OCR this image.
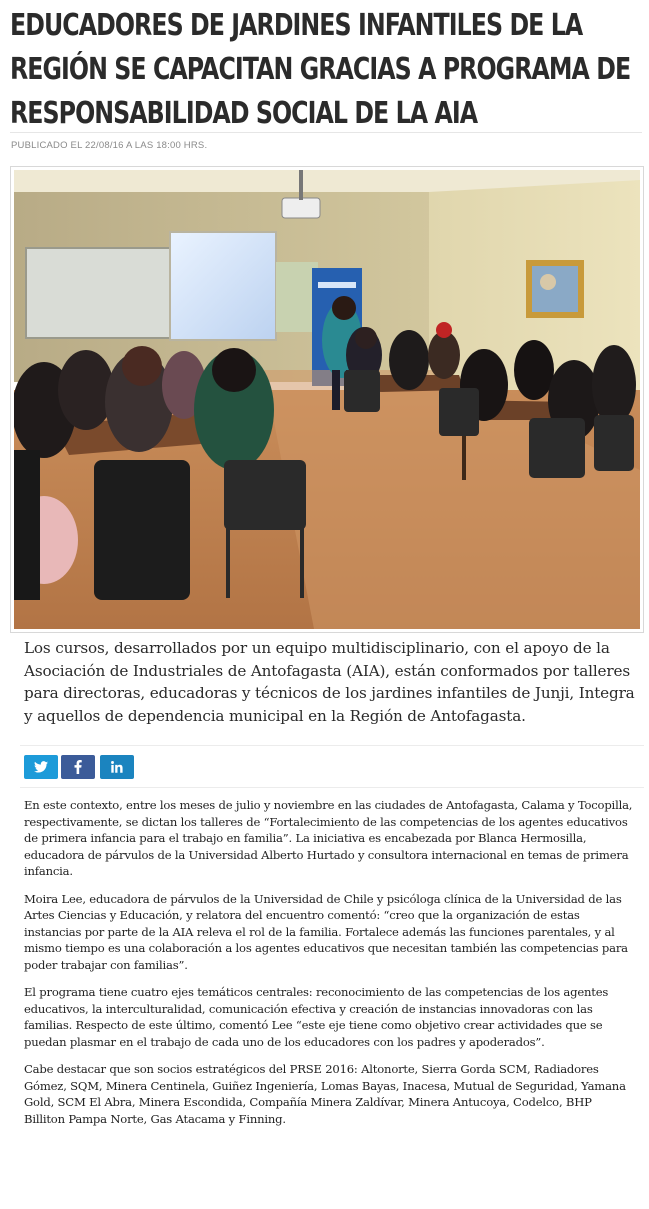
EDUCADORES DE JARDINES INFANTILES DE LA REGIÓN SE CAPACITAN GRACIAS A PROGRAMA DE RESPONSABILIDAD SOCIAL DE LA AIA
PUBLICADO EL 22/08/16 A LAS 18:00 HRS.
Los cursos, desarrollados por un equipo multidisciplinario, con el apoyo de la Asociación de Industriales de Antofagasta (AIA), están conformados por talleres para directoras, educadoras y técnicos de los jardines infantiles de Junji, Integra y aquellos de dependencia municipal en la Región de Antofagasta.

En este contexto, entre los meses de julio y noviembre en las ciudades de Antofagasta, Calama y Tocopilla, respectivamente, se dictan los talleres de “Fortalecimiento de las competencias de los agentes educativos de primera infancia para el trabajo en familia”. La iniciativa es encabezada por Blanca Hermosilla, educadora de párvulos de la Universidad Alberto Hurtado y consultora internacional en temas de primera infancia.

Moira Lee, educadora de párvulos de la Universidad de Chile y psicóloga clínica de la Universidad de las Artes Ciencias y Educación, y relatora del encuentro comentó: “creo que la organización de estas instancias por parte de la AIA releva el rol de la familia. Fortalece además las funciones parentales, y al mismo tiempo es una colaboración a los agentes educativos que necesitan también las competencias para poder trabajar con familias”.

El programa tiene cuatro ejes temáticos centrales: reconocimiento de las competencias de los agentes educativos, la interculturalidad, comunicación efectiva y creación de instancias innovadoras con las familias. Respecto de este último, comentó Lee “este eje tiene como objetivo crear actividades que se puedan plasmar en el trabajo de cada uno de los educadores con los padres y apoderados”.

Cabe destacar que son socios estratégicos del PRSE 2016: Altonorte, Sierra Gorda SCM, Radiadores Gómez, SQM, Minera Centinela, Guiñez Ingeniería, Lomas Bayas, Inacesa, Mutual de Seguridad, Yamana Gold, SCM El Abra, Minera Escondida, Compañía Minera Zaldívar, Minera Antucoya, Codelco, BHP Billiton Pampa Norte, Gas Atacama y Finning.
